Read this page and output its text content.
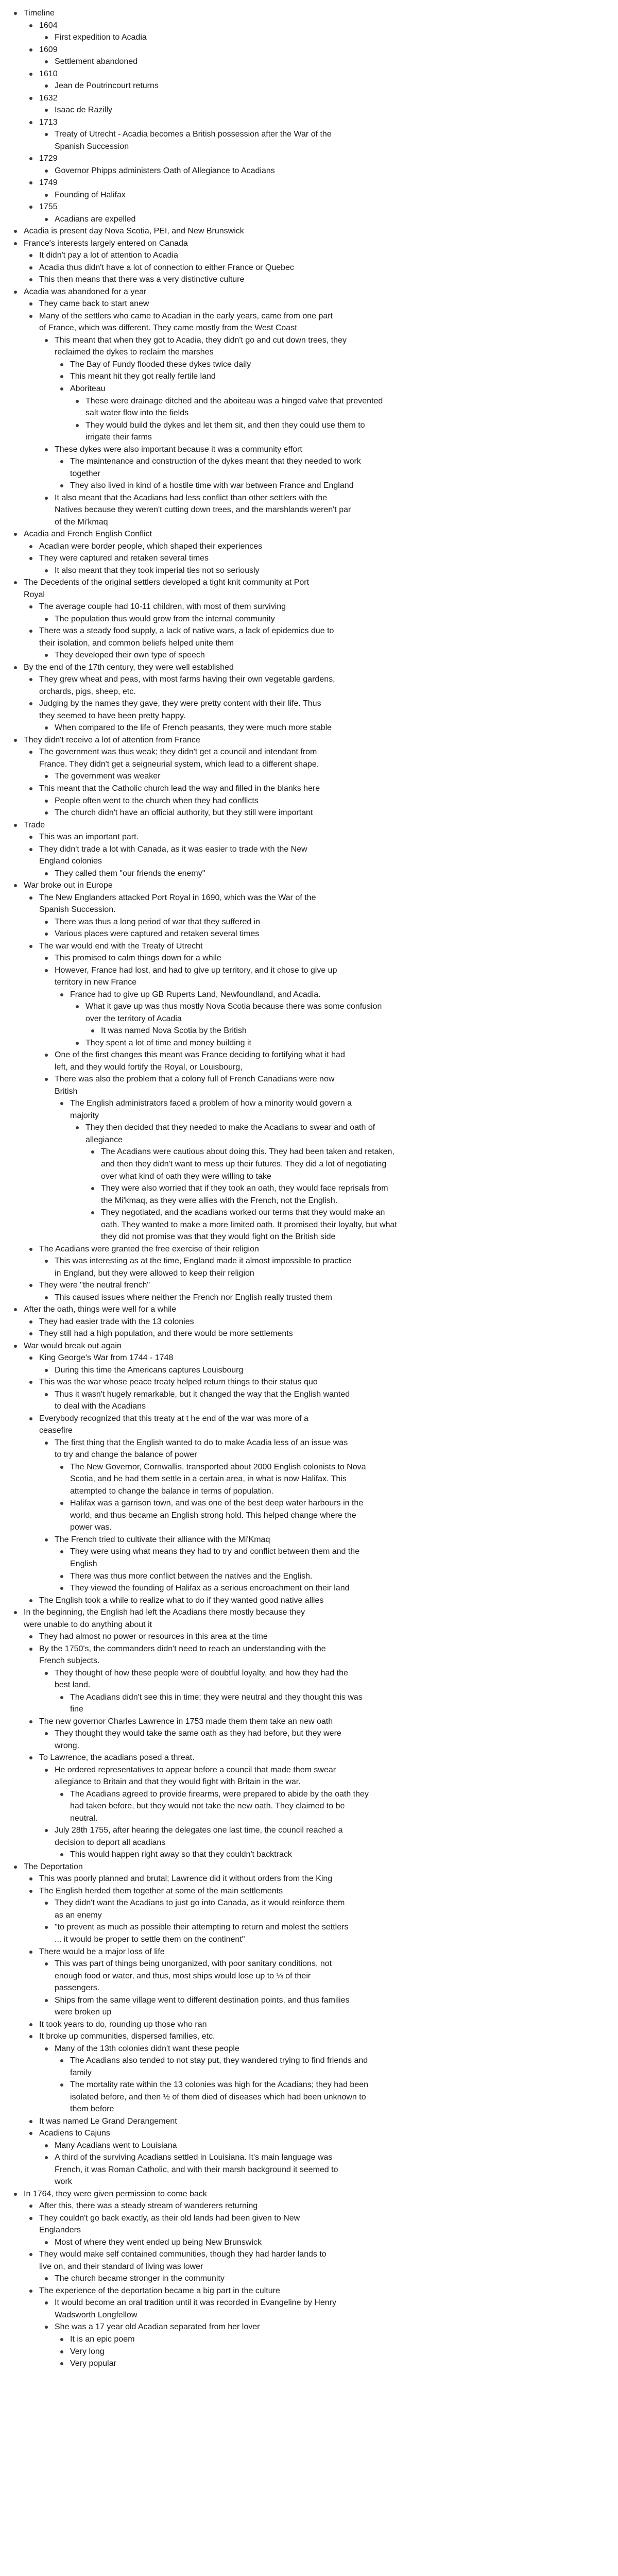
Timeline
1604
First expedition to Acadia
1609
Settlement abandoned
1610
Jean de Poutrincourt returns
1632
Isaac de Razilly
1713
Treaty of Utrecht - Acadia becomes a British possession after the War of the Spanish Succession
1729
Governor Phipps administers Oath of Allegiance to Acadians
1749
Founding of Halifax
1755
Acadians are expelled
Acadia is present day Nova Scotia, PEI, and New Brunswick
France's interests largely entered on Canada
It didn't pay a lot of attention to Acadia
Acadia thus didn't have a lot of connection to either France or Quebec
This then means that there was a very distinctive culture
Acadia was abandoned for a year
They came back to start anew
Many of the settlers who came to Acadian in the early years, came from one part of France, which was different. They came mostly from the West Coast
This meant that when they got to Acadia, they didn't go and cut down trees, they reclaimed the dykes to reclaim the marshes
The Bay of Fundy flooded these dykes twice daily
This meant hit they got really fertile land
Aboriteau
These were drainage ditched and the aboiteau was a hinged valve that prevented salt water flow into the fields
They would build the dykes and let them sit, and then they could use them to irrigate their farms
These dykes were also important because it was a community effort
The maintenance and construction of the dykes meant that they needed to work together
They also lived in kind of a hostile time with war between France and England
It also meant that the Acadians had less conflict than other settlers with the Natives because they weren't cutting down trees, and the marshlands weren't par of the Mi'kmaq
Acadia and French English Conflict
Acadian were border people, which shaped their experiences
They were captured and retaken several times
It also meant that they took imperial ties not so seriously
The Decedents of the original settlers developed a tight knit community at Port Royal
The average couple had 10-11 children, with most of them surviving
The population thus would grow from the internal community
There was a steady food supply, a lack of native wars, a lack of epidemics due to their isolation, and common beliefs helped unite them
They developed their own type of speech
By the end of the 17th century, they were well established
They grew wheat and peas, with most farms having their own vegetable gardens, orchards, pigs, sheep, etc.
Judging by the names they gave, they were pretty content with their life. Thus they seemed to have been pretty happy.
When compared to the life of French peasants, they were much more stable
They didn't receive a lot of attention from France
The government was thus weak; they didn't get a council and intendant from France. They didn't get a seigneurial system, which lead to a different shape.
The government was weaker
This meant that the Catholic church lead the way and filled in the blanks here
People often went to the church when they had conflicts
The church didn't have an official authority, but they still were important
Trade
This was an important part.
They didn't trade a lot with Canada, as it was easier to trade with the New England colonies
They called them "our friends the enemy"
War broke out in Europe
The New Englanders attacked Port Royal in 1690, which was the War of the Spanish Succession.
There was thus a long period of war that they suffered in
Various places were captured and retaken several times
The war would end with the Treaty of Utrecht
This promised to calm things down for a while
However, France had lost, and had to give up territory, and it chose to give up territory in new France
France had to give up GB Ruperts Land, Newfoundland, and Acadia.
What it gave up was thus mostly Nova Scotia because there was some confusion over the territory of Acadia
It was named Nova Scotia by the British
They spent a lot of time and money building it
One of the first changes this meant was France deciding to fortifying what it had left, and they would fortify the Royal, or Louisbourg,
There was also the problem that a colony full of French Canadians were now British
The English administrators faced a problem of how a minority would govern a majority
They then decided that they needed to make the Acadians to swear and oath of allegiance
The Acadians were cautious about doing this. They had been taken and retaken, and then they didn't want to mess up their futures. They did a lot of negotiating over what kind of oath they were willing to take
They were also worried that if they took an oath, they would face reprisals from the Mi'kmaq, as they were allies with the French, not the English.
They negotiated, and the acadians worked our terms that they would make an oath. They wanted to make a more limited oath. It promised their loyalty, but what they did not promise was that they would fight on the British side
The Acadians were granted the free exercise of their religion
This was interesting as at the time, England made it almost impossible to practice in England, but they were allowed to keep their religion
They were "the neutral french"
This caused issues where neither the French nor English really trusted them
After the oath, things were well for a while
They had easier trade with the 13 colonies
They still had a high population, and there would be more settlements
War would break out again
King George's War from 1744 - 1748
During this time the Americans captures Louisbourg
This was the war whose peace treaty helped return things to their status quo
Thus it wasn't hugely remarkable, but it changed the way that the English wanted to deal with the Acadians
Everybody recognized that this treaty at t he end of the war was more of a ceasefire
The first thing that the English wanted to do to make Acadia less of an issue was to try and change the balance of power
The New Governor, Cornwallis, transported about 2000 English colonists to Nova Scotia, and he had them settle in a certain area, in what is now Halifax. This attempted to change the balance in terms of population.
Halifax was a garrison town, and was one of the best deep water harbours in the world, and thus became an English strong hold. This helped change where the power was.
The French tried to cultivate their alliance with the Mi'Kmaq
They were using what means they had to try and conflict between them and the English
There was thus more conflict between the natives and the English.
They viewed the founding of Halifax as a serious encroachment on their land
The English took a while to realize what to do if they wanted good native allies
In the beginning, the English had left the Acadians there mostly because they were unable to do anything about it
They had almost no power or resources in this area at the time
By the 1750's, the commanders didn't need to reach an understanding with the French subjects.
They thought of how these people were of doubtful loyalty, and how they had the best land.
The Acadians didn't see this in time; they were neutral and they thought this was fine
The new governor Charles Lawrence in 1753 made them them take an new oath
They thought they would take the same oath as they had before, but they were wrong.
To Lawrence, the acadians posed a threat.
He ordered representatives to appear before a council that made them swear allegiance to Britain and that they would fight with Britain in the war.
The Acadians agreed to provide firearms, were prepared to abide by the oath they had taken before, but they would not take the new oath. They claimed to be neutral.
July 28th 1755, after hearing the delegates one last time, the council reached a decision to deport all acadians
This would happen right away so that they couldn't backtrack
The Deportation
This was poorly planned and brutal; Lawrence did it without orders from the King
The English herded them together at some of the main settlements
They didn't want the Acadians to just go into Canada, as it would reinforce them as an enemy
"to prevent as much as possible their attempting to return and molest the settlers ... it would be proper to settle them on the continent"
There would be a major loss of life
This was part of things being unorganized, with poor sanitary conditions, not enough food or water, and thus, most ships would lose up to ⅓ of their passengers.
Ships from the same village went to different destination points, and thus families were broken up
It took years to do, rounding up those who ran
It broke up communities, dispersed families, etc.
Many of the 13th colonies didn't want these people
The Acadians also tended to not stay put, they wandered trying to find friends and family
The mortality rate within the 13 colonies was high for the Acadians; they had been isolated before, and then ½ of them died of diseases which had been unknown to them before
It was named Le Grand Derangement
Acadiens to Cajuns
Many Acadians went to Louisiana
A third of the surviving Acadians settled in Louisiana. It's main language was French, it was Roman Catholic, and with their marsh background it seemed to work
In 1764, they were given permission to come back
After this, there was a steady stream of wanderers returning
They couldn't go back exactly, as their old lands had been given to New Englanders
Most of where they went ended up being New Brunswick
They would make self contained communities, though they had harder lands to live on, and their standard of living was lower
The church became stronger in the community
The experience of the deportation became a big part in the culture
It would become an oral tradition until it was recorded in Evangeline by Henry Wadsworth Longfellow
She was a 17 year old Acadian separated from her lover
It is an epic poem
Very long
Very popular
